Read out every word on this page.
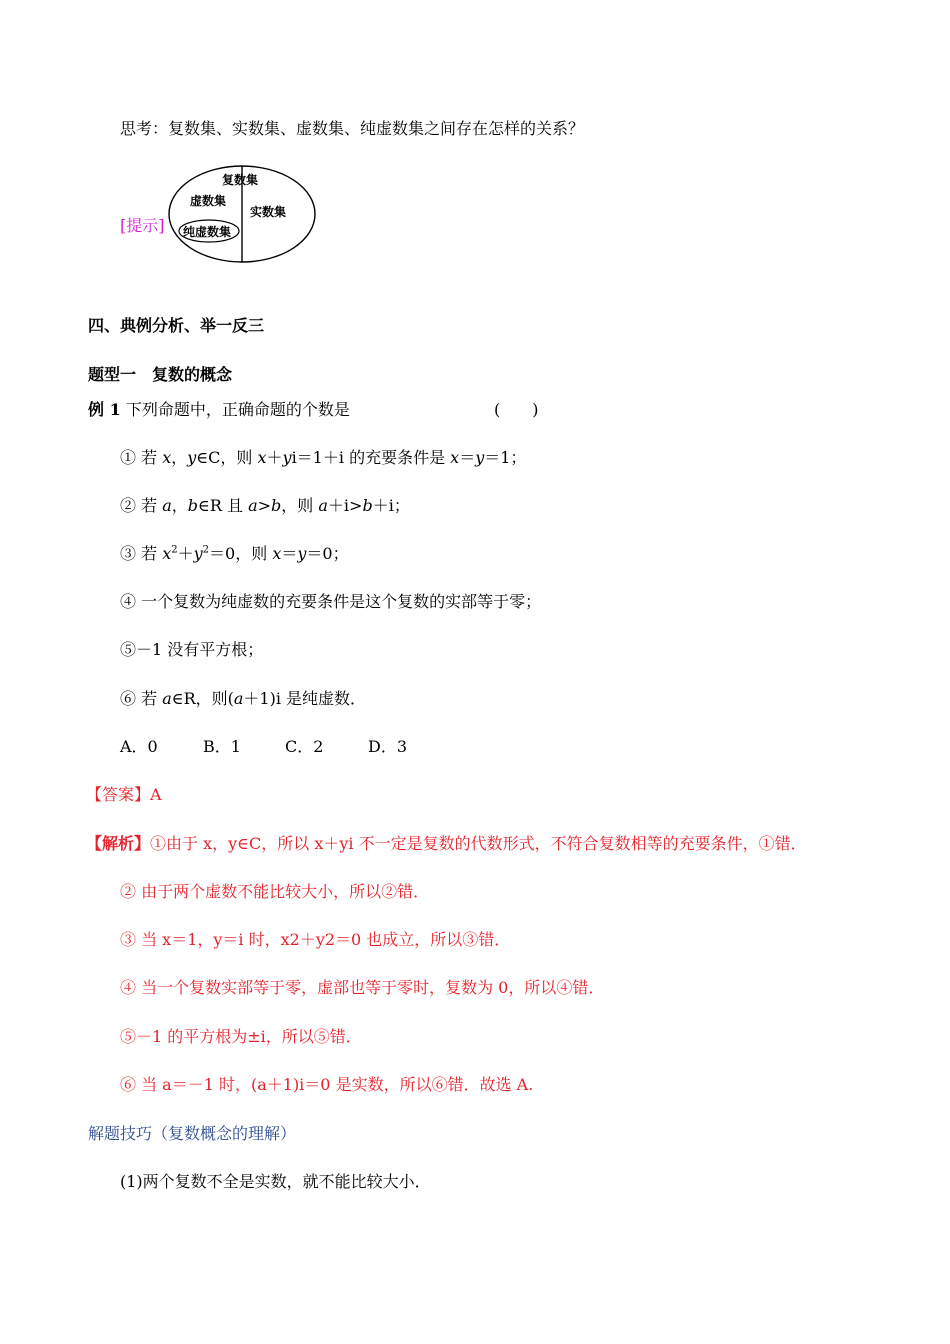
思考：复数集、实数集、虚数集、纯虚数集之间存在怎样的关系？
[提示]
复数集
虚数集
实数集
纯虚数集
四、典例分析、举一反三
题型一　复数的概念
例 1 下列命题中，正确命题的个数是	(　　)
① 若 x，y∈C，则 x＋yi＝1＋i 的充要条件是 x＝y＝1；
② 若 a，b∈R 且 a>b，则 a＋i>b＋i；
③ 若 $x^2+y^2=0$，则 x＝y＝0；
④ 一个复数为纯虚数的充要条件是这个复数的实部等于零；
⑤－1 没有平方根；
⑥ 若 a∈R，则(a＋1)i 是纯虚数．
A．0	B．1	C．2	D．3
【答案】A
【解析】①由于 x，y∈C，所以 x＋yi 不一定是复数的代数形式，不符合复数相等的充要条件，①错．
② 由于两个虚数不能比较大小，所以②错．
③ 当 x＝1，y＝i 时，x2＋y2＝0 也成立，所以③错．
④ 当一个复数实部等于零，虚部也等于零时，复数为 0，所以④错．
⑤－1 的平方根为±i，所以⑤错．
⑥ 当 a＝－1 时，(a＋1)i＝0 是实数，所以⑥错．故选 A.
解题技巧（复数概念的理解）
(1)两个复数不全是实数，就不能比较大小．
